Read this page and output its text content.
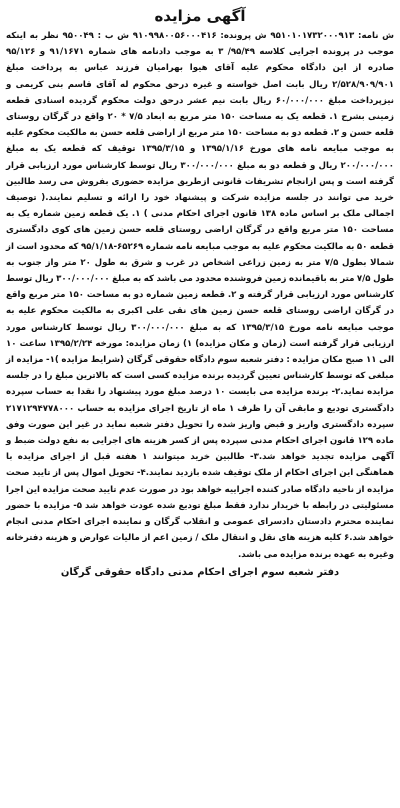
آگهی مزایده

ش نامه: ۹۵۱۰۱۰۱۷۳۲۰۰۰۹۱۳ ش پرونده: ۹۱۰۹۹۸۰۰۵۶۰۰۰۴۱۶ ش ب : ۹۵۰۰۴۹ نظر به اینکه موجب در پرونده اجرایی کلاسه ۹۵/۴۹/ ۳ به موجب دادنامه های شماره ۹۱/۱۶۷۱ و ۹۵/۱۲۶ صادره از این دادگاه محکوم علیه آقای هیوا بهرامیان فرزند عباس به پرداخت مبلغ ۲/۵۲۸/۹۰۹/۹۰۱ ریال بابت اصل خواسته و غیره درحق محکوم له آقای قاسم بنی کریمی و نیزپرداخت مبلغ ۶۰/۰۰۰/۰۰۰ ریال بابت نیم عشر درحق دولت محکوم گردیده اسنادی قطعه زمینی بشرح ۱. قطعه یک به مساحت ۱۵۰ متر مربع به ابعاد ۷/۵ * ۲۰ واقع در گرگان روستای قلعه حسن و ۲. قطعه دو به مساحت ۱۵۰ متر مربع از اراضی قلعه حسن به مالکیت محکوم علیه به موجب مبایعه نامه های مورخ ۱۳۹۵/۱/۱۶ و ۱۳۹۵/۳/۱۵ توقیف که قطعه یک به مبلغ ۲۰۰/۰۰۰/۰۰۰ ریال و قطعه دو به مبلغ ۳۰۰/۰۰۰/۰۰۰ ریال توسط کارشناس مورد ارزیابی قرار گرفته است و پس ازانجام تشریفات قانونی ازطریق مزایده حضوری بفروش می رسد طالبین خرید می توانند در جلسه مزایده شرکت و پیشنهاد خود را ارائه و تسلیم نمایند.( توصیف اجمالی ملک بر اساس ماده ۱۳۸ قانون اجرای احکام مدنی ) ۱. یک قطعه زمین شماره یک به مساحت ۱۵۰ متر مربع واقع در گرگان اراضی روستای قلعه حسن زمین های کوی دادگستری قطعه ۵۰ به مالکیت محکوم علیه به موجب مبایعه نامه شماره ۶۵۲۶۹-۹۵/۱/۱۸ که محدود است از شمالا بطول ۷/۵ متر به زمین زراعی اشخاص در غرب و شرق به طول ۲۰ متر واز جنوب به طول ۷/۵ متر به باقیمانده زمین فروشنده محدود می باشد که به مبلغ ۳۰۰/۰۰۰/۰۰۰ ریال توسط کارشناس مورد ارزیابی قرار گرفته و ۲. قطعه زمین شماره دو به مساحت ۱۵۰ متر مربع واقع در گرگان اراضی روستای قلعه حسن زمین های نقی علی اکبری به مالکیت محکوم علیه به موجب مبایعه نامه مورخ ۱۳۹۵/۳/۱۵ که به مبلغ ۳۰۰/۰۰۰/۰۰۰ ریال توسط کارشناس مورد ارزیابی قرار گرفته است (زمان و مکان مزایده) ۱) زمان مزایده: مورخه ۱۳۹۵/۲/۲۴ ساعت ۱۰ الی ۱۱ صبح مکان مزایده : دفتر شعبه سوم دادگاه حقوقی گرگان (شرایط مزایده )۱- مزایده از مبلغی که توسط کارشناس تعیین گردیده برنده مزایده کسی است که بالاترین مبلغ را در جلسه مزایده نماید.۲- برنده مزایده می بایست ۱۰ درصد مبلغ مورد پیشنهاد را نقدا به حساب سپرده دادگستری تودیع و مابقی آن را ظرف ۱ ماه از تاریخ اجرای مزایده به حساب ۲۱۷۱۲۹۴۷۷۸۰۰۰ سپرده دادگستری واریز و قبض واریز شده را تحویل دفتر شعبه نماید در غیر این صورت وفق ماده ۱۲۹ قانون اجرای احکام مدنی سپرده پس از کسر هزینه های اجرایی به نفع دولت ضبط و آگهی مزایده تجدید خواهد شد.۳- طالبین خرید میتوانند ۱ هفته قبل از اجرای مزایده با هماهنگی این اجرای احکام از ملک توقیف شده بازدید نمایند.۴- تحویل اموال پس از تایید صحت مزایده از ناحیه دادگاه صادر کننده اجراییه خواهد بود در صورت عدم تایید صحت مزایده این اجرا مسئولیتی در رابطه با خریدار ندارد فقط مبلغ تودیع شده عودت خواهد شد ۵- مزایده با حضور نماینده محترم دادستان دادسرای عمومی و انقلاب گرگان و نماینده اجرای احکام مدنی انجام خواهد شد.۶ کلیه هزینه های نقل و انتقال ملک / زمین اعم از مالیات عوارض و هزینه دفترخانه وغیره به عهده برنده مزایده می باشد.

دفتر شعبه سوم اجرای احکام مدنی دادگاه حقوقی گرگان
